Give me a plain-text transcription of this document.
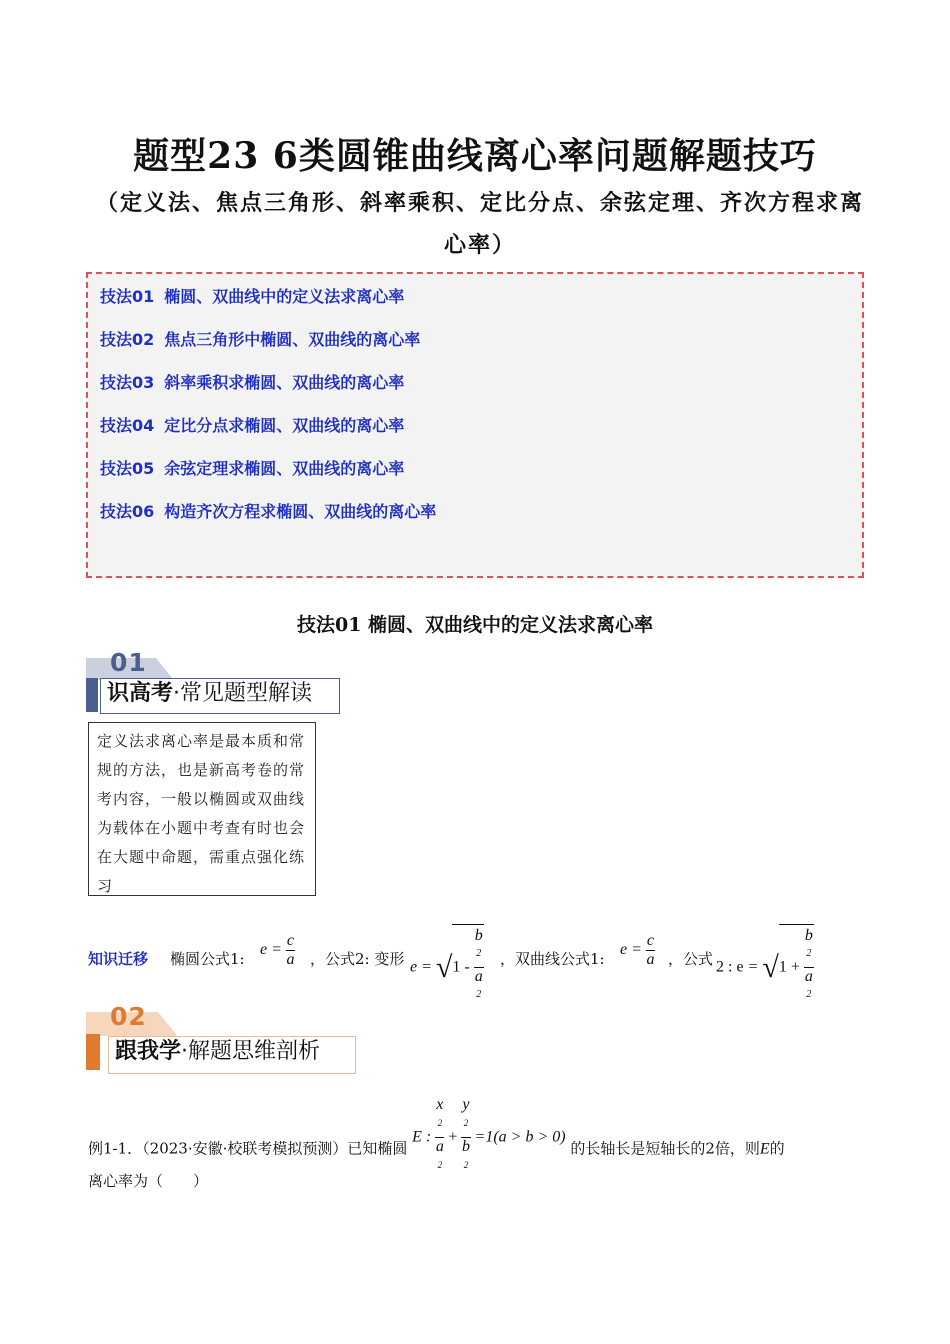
题型23 6类圆锥曲线离心率问题解题技巧
（定义法、焦点三角形、斜率乘积、定比分点、余弦定理、齐次方程求离心率）
技法01 椭圆、双曲线中的定义法求离心率
技法02 焦点三角形中椭圆、双曲线的离心率
技法03 斜率乘积求椭圆、双曲线的离心率
技法04 定比分点求椭圆、双曲线的离心率
技法05 余弦定理求椭圆、双曲线的离心率
技法06 构造齐次方程求椭圆、双曲线的离心率
技法01 椭圆、双曲线中的定义法求离心率
01
识高考·常见题型解读
定义法求离心率是最本质和常规的方法，也是新高考卷的常考内容，一般以椭圆或双曲线为载体在小题中考查有时也会在大题中命题，需重点强化练习
知识迁移 椭圆公式1:
$e = \frac{c}{a}$ ，公式2: 变形 e = √1 - b
$^2$
a
$^2$ ，双曲线公式1:
$e = \frac{c}{a}$ ，公式 2 : e = √1 + b
$^2$
a
$^2$
02
跟我学·解题思维剖析
例1-1．（2023·安徽·校联考模拟预测）已知椭圆 E : x
$^2$
a
$^2$ + y
$^2$
b
$^2$ =1(a > b > 0) 的长轴长是短轴长的2倍，则E的
离心率为（　　）
